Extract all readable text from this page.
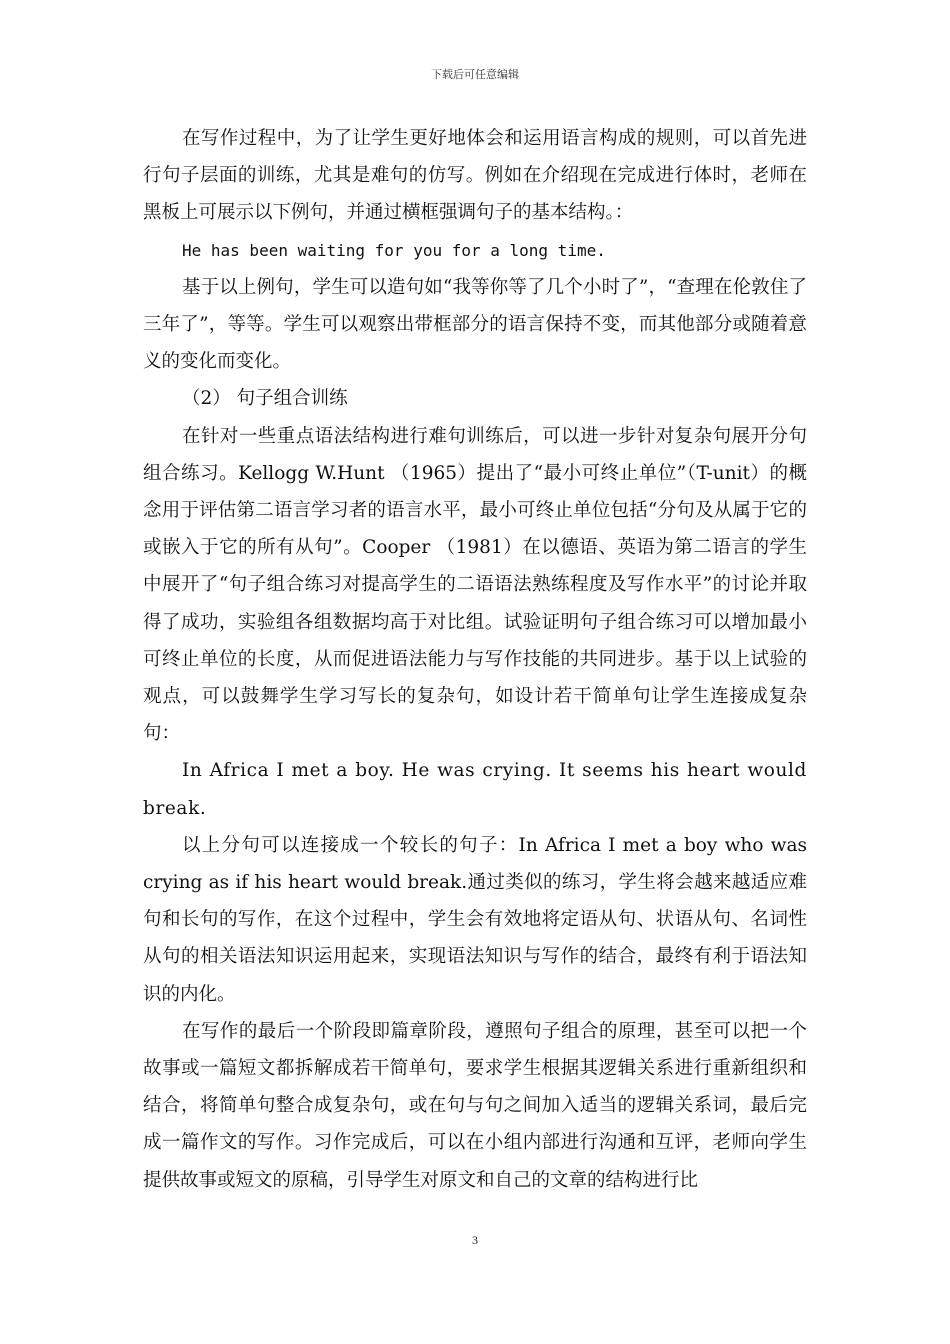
下载后可任意编辑

在写作过程中，为了让学生更好地体会和运用语言构成的规则，可以首先进行句子层面的训练，尤其是难句的仿写。例如在介绍现在完成进行体时，老师在黑板上可展示以下例句，并通过横框强调句子的基本结构。：

He has been waiting for you for a long time.

基于以上例句，学生可以造句如“我等你等了几个小时了”，“查理在伦敦住了三年了”，等等。学生可以观察出带框部分的语言保持不变，而其他部分或随着意义的变化而变化。

（2） 句子组合训练

在针对一些重点语法结构进行难句训练后，可以进一步针对复杂句展开分句组合练习。Kellogg W.Hunt （1965）提出了“最小可终止单位”（T-unit）的概念用于评估第二语言学习者的语言水平，最小可终止单位包括“分句及从属于它的或嵌入于它的所有从句”。Cooper （1981）在以德语、英语为第二语言的学生中展开了“句子组合练习对提高学生的二语语法熟练程度及写作水平”的讨论并取得了成功，实验组各组数据均高于对比组。试验证明句子组合练习可以增加最小可终止单位的长度，从而促进语法能力与写作技能的共同进步。基于以上试验的观点，可以鼓舞学生学习写长的复杂句，如设计若干简单句让学生连接成复杂句：

In Africa I met a boy. He was crying. It seems his heart would break.

以上分句可以连接成一个较长的句子：In Africa I met a boy who was crying as if his heart would break.通过类似的练习，学生将会越来越适应难句和长句的写作，在这个过程中，学生会有效地将定语从句、状语从句、名词性从句的相关语法知识运用起来，实现语法知识与写作的结合，最终有利于语法知识的内化。

在写作的最后一个阶段即篇章阶段，遵照句子组合的原理，甚至可以把一个故事或一篇短文都拆解成若干简单句，要求学生根据其逻辑关系进行重新组织和结合，将简单句整合成复杂句，或在句与句之间加入适当的逻辑关系词，最后完成一篇作文的写作。习作完成后，可以在小组内部进行沟通和互评，老师向学生提供故事或短文的原稿，引导学生对原文和自己的文章的结构进行比

3
